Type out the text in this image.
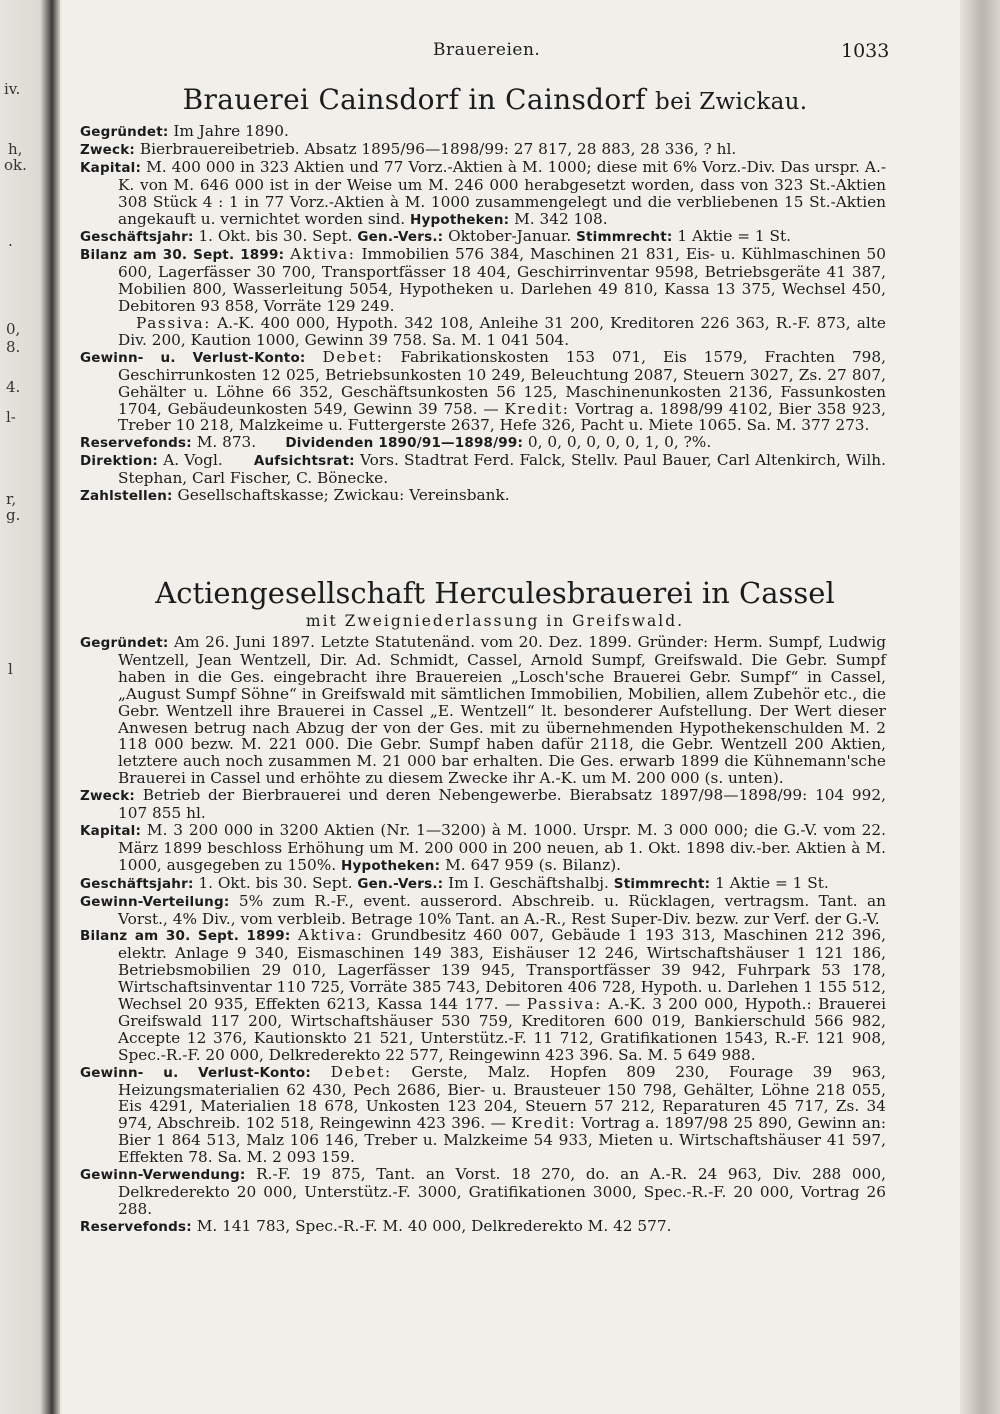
iv.
h,
ok.
.
0,
8.
4.
l-
r,
g.
l
Brauereien.	1033
Brauerei Cainsdorf in Cainsdorf bei Zwickau.

Gegründet: Im Jahre 1890.

Zweck: Bierbrauereibetrieb. Absatz 1895/96—1898/99: 27 817, 28 883, 28 336, ? hl.

Kapital: M. 400 000 in 323 Aktien und 77 Vorz.-Aktien à M. 1000; diese mit 6% Vorz.-Div. Das urspr. A.-K. von M. 646 000 ist in der Weise um M. 246 000 herabgesetzt worden, dass von 323 St.-Aktien 308 Stück 4 : 1 in 77 Vorz.-Aktien à M. 1000 zusammengelegt und die verbliebenen 15 St.-Aktien angekauft u. vernichtet worden sind. Hypotheken: M. 342 108.

Geschäftsjahr: 1. Okt. bis 30. Sept. Gen.-Vers.: Oktober-Januar. Stimmrecht: 1 Aktie = 1 St.

Bilanz am 30. Sept. 1899: Aktiva: Immobilien 576 384, Maschinen 21 831, Eis- u. Kühlmaschinen 50 600, Lagerfässer 30 700, Transportfässer 18 404, Geschirrinventar 9598, Betriebsgeräte 41 387, Mobilien 800, Wasserleitung 5054, Hypotheken u. Darlehen 49 810, Kassa 13 375, Wechsel 450, Debitoren 93 858, Vorräte 129 249.

Passiva: A.-K. 400 000, Hypoth. 342 108, Anleihe 31 200, Kreditoren 226 363, R.-F. 873, alte Div. 200, Kaution 1000, Gewinn 39 758. Sa. M. 1 041 504.

Gewinn- u. Verlust-Konto: Debet: Fabrikationskosten 153 071, Eis 1579, Frachten 798, Geschirrunkosten 12 025, Betriebsunkosten 10 249, Beleuchtung 2087, Steuern 3027, Zs. 27 807, Gehälter u. Löhne 66 352, Geschäftsunkosten 56 125, Maschinenunkosten 2136, Fassunkosten 1704, Gebäudeunkosten 549, Gewinn 39 758. — Kredit: Vortrag a. 1898/99 4102, Bier 358 923, Treber 10 218, Malzkeime u. Futtergerste 2637, Hefe 326, Pacht u. Miete 1065. Sa. M. 377 273.

Reservefonds: M. 873. Dividenden 1890/91—1898/99: 0, 0, 0, 0, 0, 0, 1, 0, ?%.

Direktion: A. Vogl. Aufsichtsrat: Vors. Stadtrat Ferd. Falck, Stellv. Paul Bauer, Carl Altenkirch, Wilh. Stephan, Carl Fischer, C. Bönecke.

Zahlstellen: Gesellschaftskasse; Zwickau: Vereinsbank.

Actiengesellschaft Herculesbrauerei in Cassel
mit Zweigniederlassung in Greifswald.

Gegründet: Am 26. Juni 1897. Letzte Statutenänd. vom 20. Dez. 1899. Gründer: Herm. Sumpf, Ludwig Wentzell, Jean Wentzell, Dir. Ad. Schmidt, Cassel, Arnold Sumpf, Greifswald. Die Gebr. Sumpf haben in die Ges. eingebracht ihre Brauereien „Losch'sche Brauerei Gebr. Sumpf“ in Cassel, „August Sumpf Söhne“ in Greifswald mit sämtlichen Immobilien, Mobilien, allem Zubehör etc., die Gebr. Wentzell ihre Brauerei in Cassel „E. Wentzell“ lt. besonderer Aufstellung. Der Wert dieser Anwesen betrug nach Abzug der von der Ges. mit zu übernehmenden Hypothekenschulden M. 2 118 000 bezw. M. 221 000. Die Gebr. Sumpf haben dafür 2118, die Gebr. Wentzell 200 Aktien, letztere auch noch zusammen M. 21 000 bar erhalten. Die Ges. erwarb 1899 die Kühnemann'sche Brauerei in Cassel und erhöhte zu diesem Zwecke ihr A.-K. um M. 200 000 (s. unten).

Zweck: Betrieb der Bierbrauerei und deren Nebengewerbe. Bierabsatz 1897/98—1898/99: 104 992, 107 855 hl.

Kapital: M. 3 200 000 in 3200 Aktien (Nr. 1—3200) à M. 1000. Urspr. M. 3 000 000; die G.-V. vom 22. März 1899 beschloss Erhöhung um M. 200 000 in 200 neuen, ab 1. Okt. 1898 div.-ber. Aktien à M. 1000, ausgegeben zu 150%. Hypotheken: M. 647 959 (s. Bilanz).

Geschäftsjahr: 1. Okt. bis 30. Sept. Gen.-Vers.: Im I. Geschäftshalbj. Stimmrecht: 1 Aktie = 1 St.

Gewinn-Verteilung: 5% zum R.-F., event. ausserord. Abschreib. u. Rücklagen, vertragsm. Tant. an Vorst., 4% Div., vom verbleib. Betrage 10% Tant. an A.-R., Rest Super-Div. bezw. zur Verf. der G.-V.

Bilanz am 30. Sept. 1899: Aktiva: Grundbesitz 460 007, Gebäude 1 193 313, Maschinen 212 396, elektr. Anlage 9 340, Eismaschinen 149 383, Eishäuser 12 246, Wirtschaftshäuser 1 121 186, Betriebsmobilien 29 010, Lagerfässer 139 945, Transportfässer 39 942, Fuhrpark 53 178, Wirtschaftsinventar 110 725, Vorräte 385 743, Debitoren 406 728, Hypoth. u. Darlehen 1 155 512, Wechsel 20 935, Effekten 6213, Kassa 144 177. — Passiva: A.-K. 3 200 000, Hypoth.: Brauerei Greifswald 117 200, Wirtschaftshäuser 530 759, Kreditoren 600 019, Bankierschuld 566 982, Accepte 12 376, Kautionskto 21 521, Unterstütz.-F. 11 712, Gratifikationen 1543, R.-F. 121 908, Spec.-R.-F. 20 000, Delkrederekto 22 577, Reingewinn 423 396. Sa. M. 5 649 988.

Gewinn- u. Verlust-Konto: Debet: Gerste, Malz. Hopfen 809 230, Fourage 39 963, Heizungsmaterialien 62 430, Pech 2686, Bier- u. Brausteuer 150 798, Gehälter, Löhne 218 055, Eis 4291, Materialien 18 678, Unkosten 123 204, Steuern 57 212, Reparaturen 45 717, Zs. 34 974, Abschreib. 102 518, Reingewinn 423 396. — Kredit: Vortrag a. 1897/98 25 890, Gewinn an: Bier 1 864 513, Malz 106 146, Treber u. Malzkeime 54 933, Mieten u. Wirtschaftshäuser 41 597, Effekten 78. Sa. M. 2 093 159.

Gewinn-Verwendung: R.-F. 19 875, Tant. an Vorst. 18 270, do. an A.-R. 24 963, Div. 288 000, Delkrederekto 20 000, Unterstütz.-F. 3000, Gratifikationen 3000, Spec.-R.-F. 20 000, Vortrag 26 288.

Reservefonds: M. 141 783, Spec.-R.-F. M. 40 000, Delkrederekto M. 42 577.
